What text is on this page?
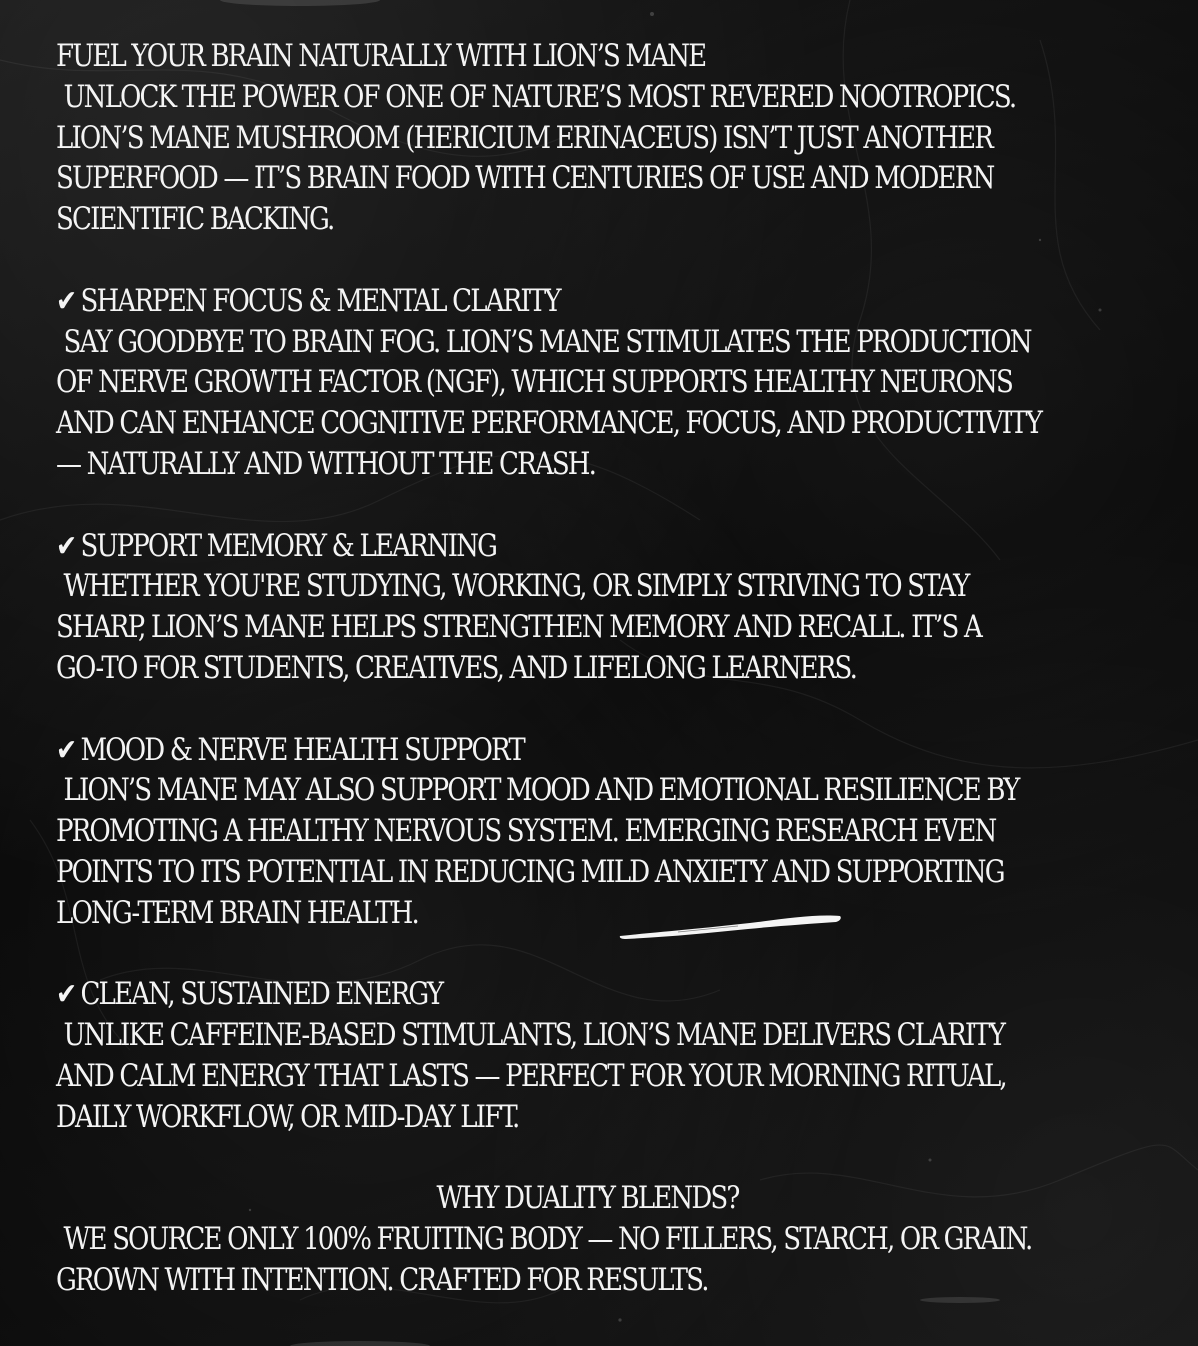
FUEL YOUR BRAIN NATURALLY WITH LION’S MANE
UNLOCK THE POWER OF ONE OF NATURE’S MOST REVERED NOOTROPICS.
LION’S MANE MUSHROOM (HERICIUM ERINACEUS) ISN’T JUST ANOTHER
SUPERFOOD — IT’S BRAIN FOOD WITH CENTURIES OF USE AND MODERN
SCIENTIFIC BACKING.
✔ SHARPEN FOCUS & MENTAL CLARITY
SAY GOODBYE TO BRAIN FOG. LION’S MANE STIMULATES THE PRODUCTION
OF NERVE GROWTH FACTOR (NGF), WHICH SUPPORTS HEALTHY NEURONS
AND CAN ENHANCE COGNITIVE PERFORMANCE, FOCUS, AND PRODUCTIVITY
— NATURALLY AND WITHOUT THE CRASH.
✔ SUPPORT MEMORY & LEARNING
WHETHER YOU'RE STUDYING, WORKING, OR SIMPLY STRIVING TO STAY
SHARP, LION’S MANE HELPS STRENGTHEN MEMORY AND RECALL. IT’S A
GO-TO FOR STUDENTS, CREATIVES, AND LIFELONG LEARNERS.
✔ MOOD & NERVE HEALTH SUPPORT
LION’S MANE MAY ALSO SUPPORT MOOD AND EMOTIONAL RESILIENCE BY
PROMOTING A HEALTHY NERVOUS SYSTEM. EMERGING RESEARCH EVEN
POINTS TO ITS POTENTIAL IN REDUCING MILD ANXIETY AND SUPPORTING
LONG-TERM BRAIN HEALTH.
✔ CLEAN, SUSTAINED ENERGY
UNLIKE CAFFEINE-BASED STIMULANTS, LION’S MANE DELIVERS CLARITY
AND CALM ENERGY THAT LASTS — PERFECT FOR YOUR MORNING RITUAL,
DAILY WORKFLOW, OR MID-DAY LIFT.
WHY DUALITY BLENDS?
WE SOURCE ONLY 100% FRUITING BODY — NO FILLERS, STARCH, OR GRAIN.
GROWN WITH INTENTION. CRAFTED FOR RESULTS.
